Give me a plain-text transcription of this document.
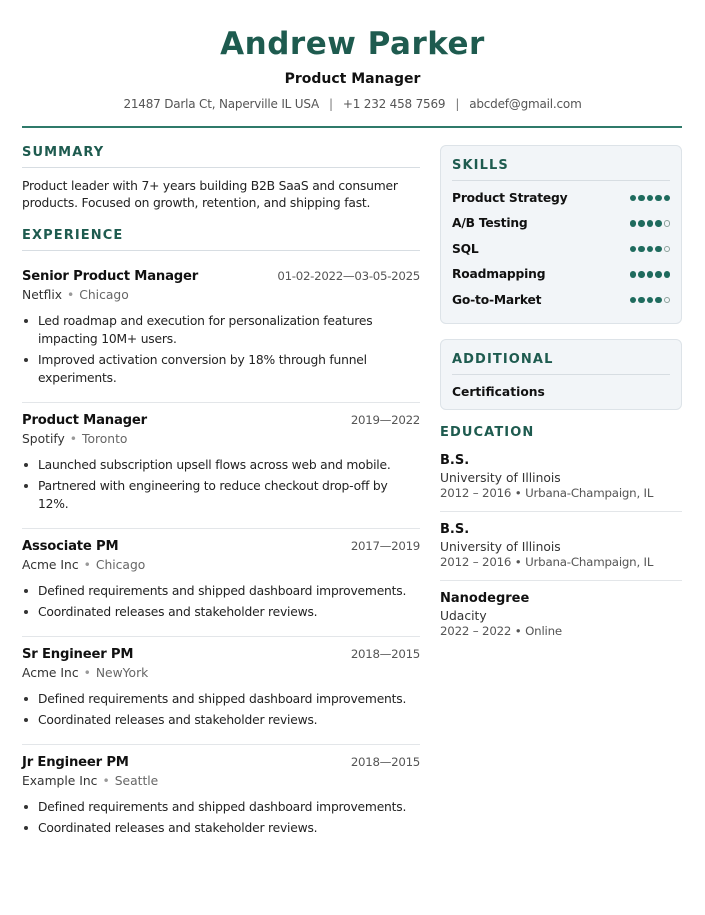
Andrew Parker
Product Manager
21487 Darla Ct, Naperville IL USA | +1 232 458 7569 | abcdef@gmail.com
SUMMARY
Product leader with 7+ years building B2B SaaS and consumer products. Focused on growth, retention, and shipping fast.
EXPERIENCE
Senior Product Manager	01-02-2022—03-05-2025
Netflix • Chicago
Led roadmap and execution for personalization features impacting 10M+ users.
Improved activation conversion by 18% through funnel experiments.
Product Manager	2019—2022
Spotify • Toronto
Launched subscription upsell flows across web and mobile.
Partnered with engineering to reduce checkout drop-off by 12%.
Associate PM	2017—2019
Acme Inc • Chicago
Defined requirements and shipped dashboard improvements.
Coordinated releases and stakeholder reviews.
Sr Engineer PM	2018—2015
Acme Inc • NewYork
Defined requirements and shipped dashboard improvements.
Coordinated releases and stakeholder reviews.
Jr Engineer PM	2018—2015
Example Inc • Seattle
Defined requirements and shipped dashboard improvements.
Coordinated releases and stakeholder reviews.
SKILLS
Product Strategy
A/B Testing
SQL
Roadmapping
Go-to-Market
ADDITIONAL
Certifications
EDUCATION
B.S.
University of Illinois
2012 – 2016 • Urbana-Champaign, IL
B.S.
University of Illinois
2012 – 2016 • Urbana-Champaign, IL
Nanodegree
Udacity
2022 – 2022 • Online
